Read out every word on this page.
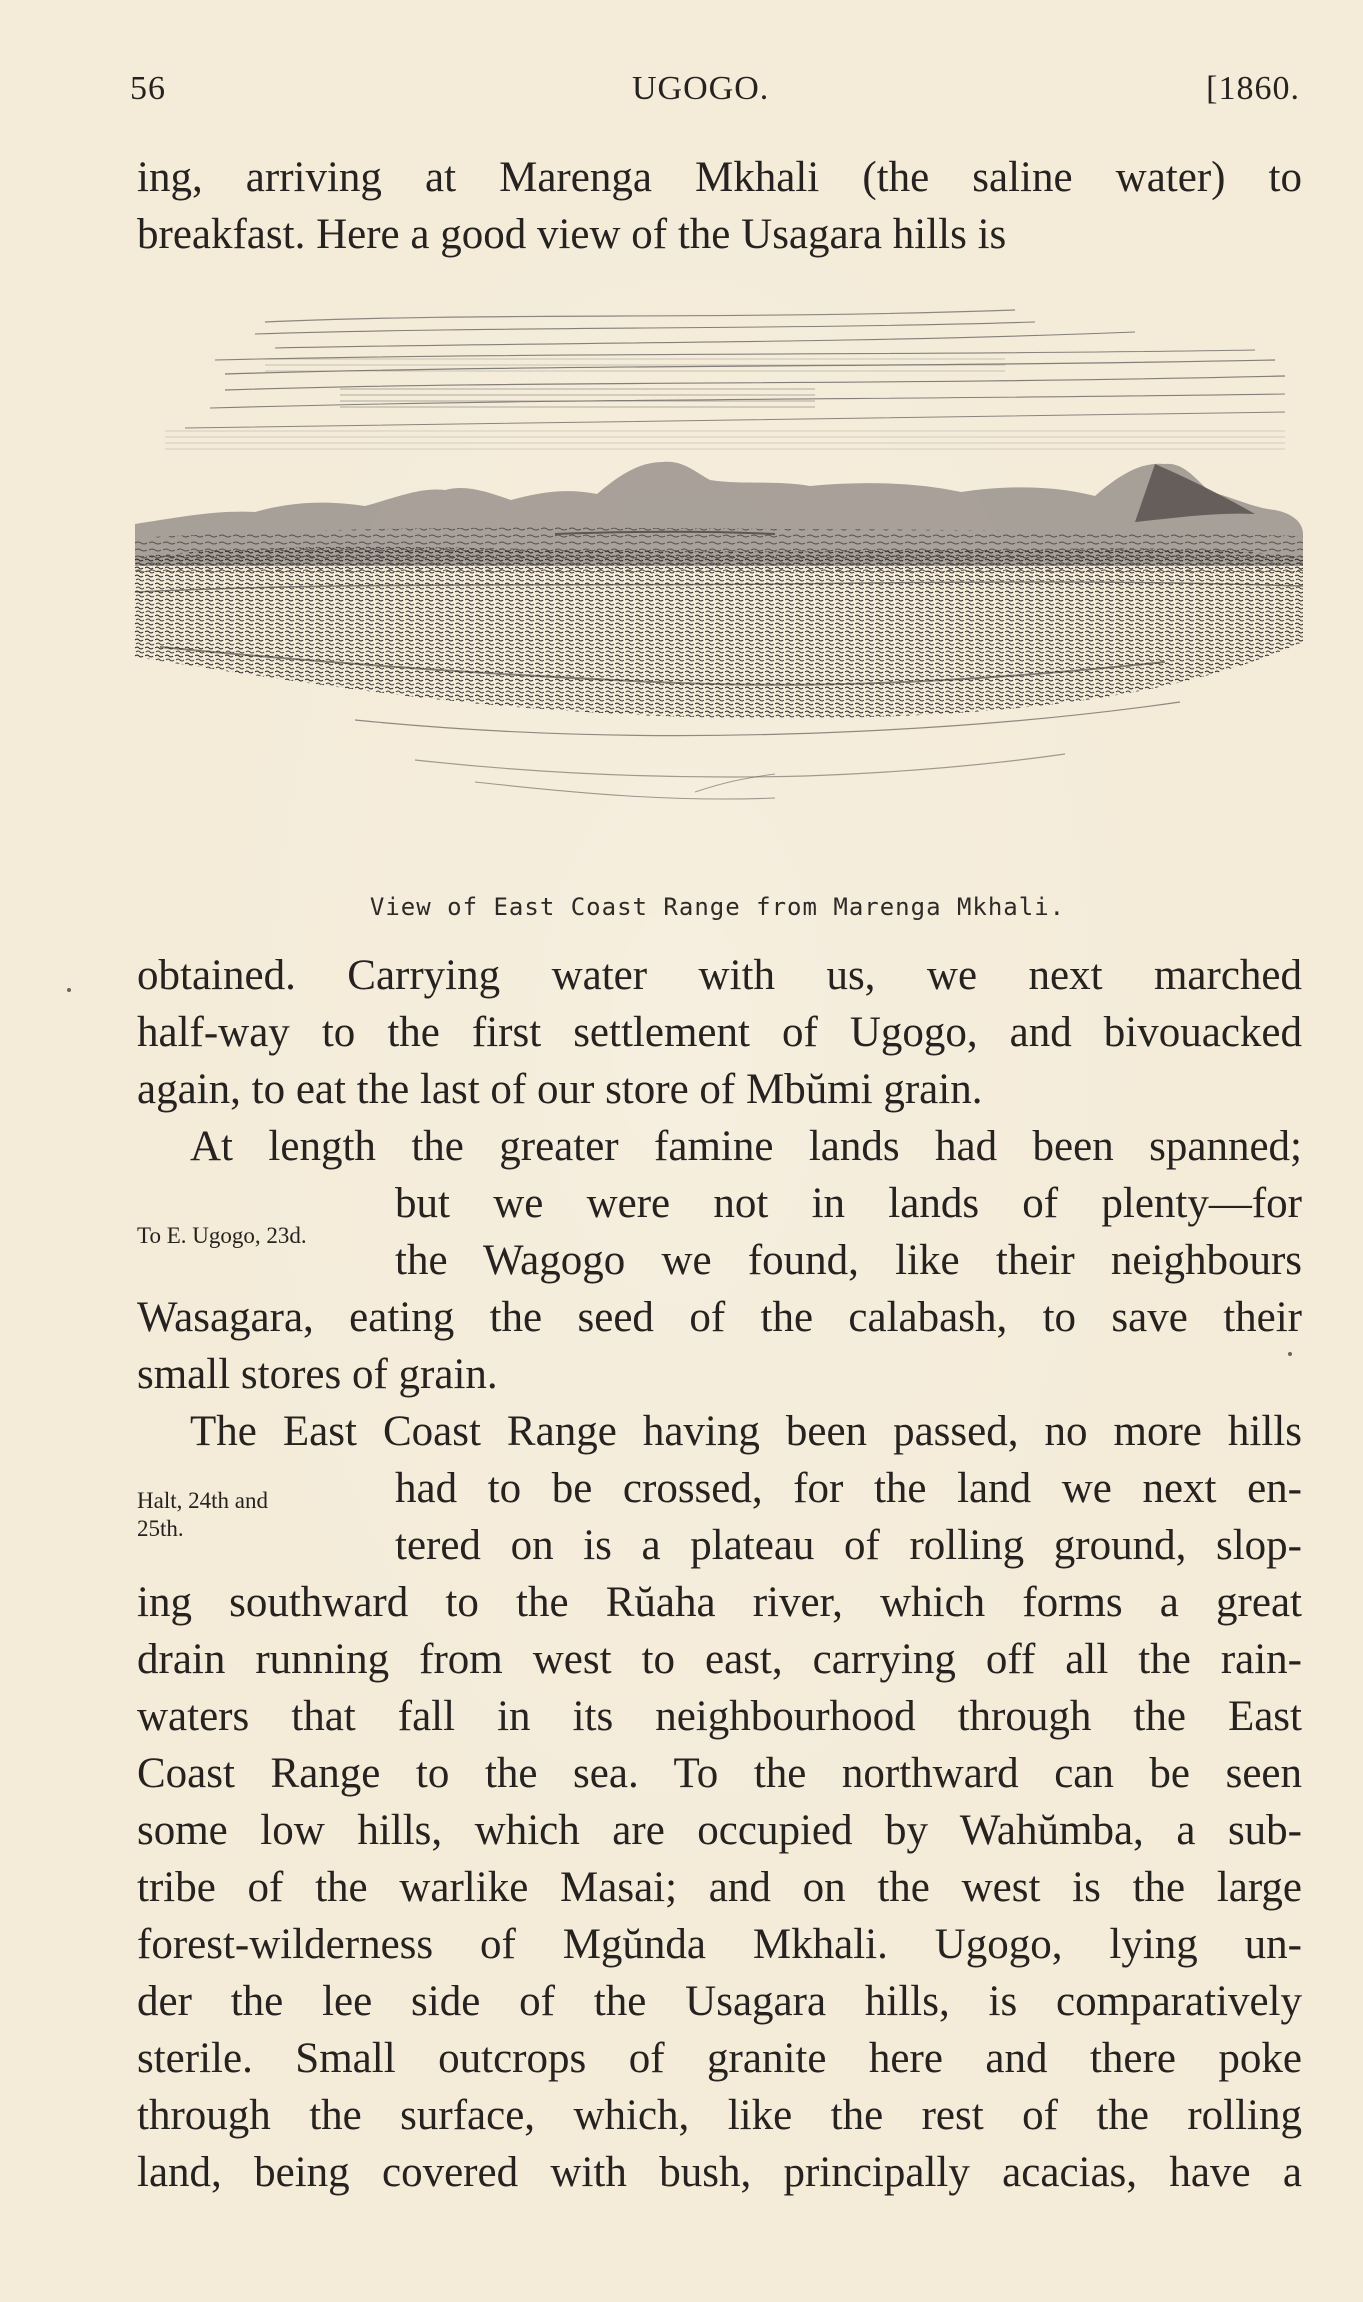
56	UGOGO.	[1860.
ing, arriving at Marenga Mkhali (the saline water) to
breakfast. Here a good view of the Usagara hills is
View of East Coast Range from Marenga Mkhali.
obtained. Carrying water with us, we next marched
half-way to the first settlement of Ugogo, and bivouacked
again, to eat the last of our store of Mbŭmi grain.
At length the greater famine lands had been spanned;
but we were not in lands of plenty—for
the Wagogo we found, like their neighbours
Wasagara, eating the seed of the calabash, to save their
small stores of grain.
The East Coast Range having been passed, no more hills
had to be crossed, for the land we next en-
tered on is a plateau of rolling ground, slop-
ing southward to the Rŭaha river, which forms a great
drain running from west to east, carrying off all the rain-
waters that fall in its neighbourhood through the East
Coast Range to the sea. To the northward can be seen
some low hills, which are occupied by Wahŭmba, a sub-
tribe of the warlike Masai; and on the west is the large
forest-wilderness of Mgŭnda Mkhali. Ugogo, lying un-
der the lee side of the Usagara hills, is comparatively
sterile. Small outcrops of granite here and there poke
through the surface, which, like the rest of the rolling
land, being covered with bush, principally acacias, have a
To E. Ugogo, 23d.
Halt, 24th and
25th.
